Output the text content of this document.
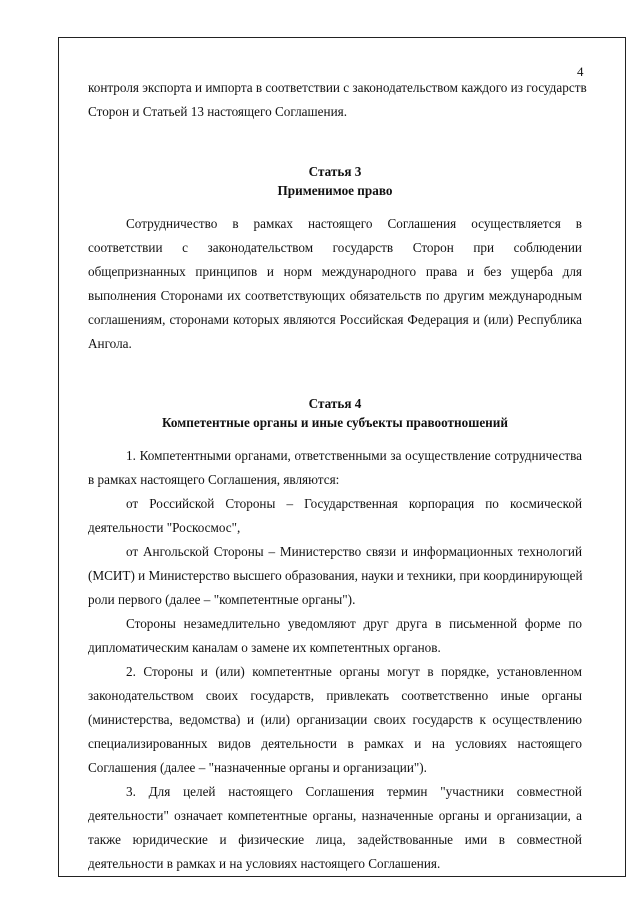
4
контроля экспорта и импорта в соответствии с законодательством каждого из государств
Сторон и Статьей 13 настоящего Соглашения.
Статья 3
Применимое право
Сотрудничество в рамках настоящего Соглашения осуществляется в
соответствии с законодательством государств Сторон при соблюдении
общепризнанных принципов и норм международного права и без ущерба для
выполнения Сторонами их соответствующих обязательств по другим международным
соглашениям, сторонами которых являются Российская Федерация и (или) Республика
Ангола.
Статья 4
Компетентные органы и иные субъекты правоотношений
1. Компетентными органами, ответственными за осуществление сотрудничества
в рамках настоящего Соглашения, являются:
от Российской Стороны – Государственная корпорация по космической
деятельности "Роскосмос",
от Ангольской Стороны – Министерство связи и информационных технологий
(МСИТ) и Министерство высшего образования, науки и техники, при координирующей
роли первого (далее – "компетентные органы").
Стороны незамедлительно уведомляют друг друга в письменной форме по
дипломатическим каналам о замене их компетентных органов.
2. Стороны и (или) компетентные органы могут в порядке, установленном
законодательством своих государств, привлекать соответственно иные органы
(министерства, ведомства) и (или) организации своих государств к осуществлению
специализированных видов деятельности в рамках и на условиях настоящего
Соглашения (далее – "назначенные органы и организации").
3. Для целей настоящего Соглашения термин "участники совместной
деятельности" означает компетентные органы, назначенные органы и организации, а
также юридические и физические лица, задействованные ими в совместной
деятельности в рамках и на условиях настоящего Соглашения.
